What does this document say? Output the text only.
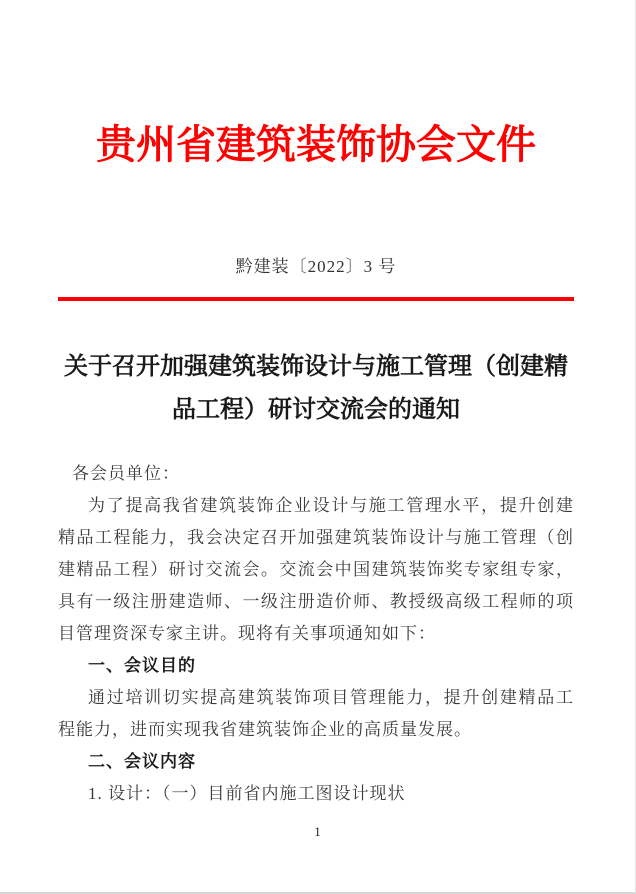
贵州省建筑装饰协会文件
黔建装〔2022〕3 号
关于召开加强建筑装饰设计与施工管理（创建精
品工程）研讨交流会的通知
各会员单位：
为了提高我省建筑装饰企业设计与施工管理水平，提升创建
精品工程能力，我会决定召开加强建筑装饰设计与施工管理（创
建精品工程）研讨交流会。交流会中国建筑装饰奖专家组专家，
具有一级注册建造师、一级注册造价师、教授级高级工程师的项
目管理资深专家主讲。现将有关事项通知如下：
一、会议目的
通过培训切实提高建筑装饰项目管理能力，提升创建精品工
程能力，进而实现我省建筑装饰企业的高质量发展。
二、会议内容
1. 设计：（一）目前省内施工图设计现状
1
